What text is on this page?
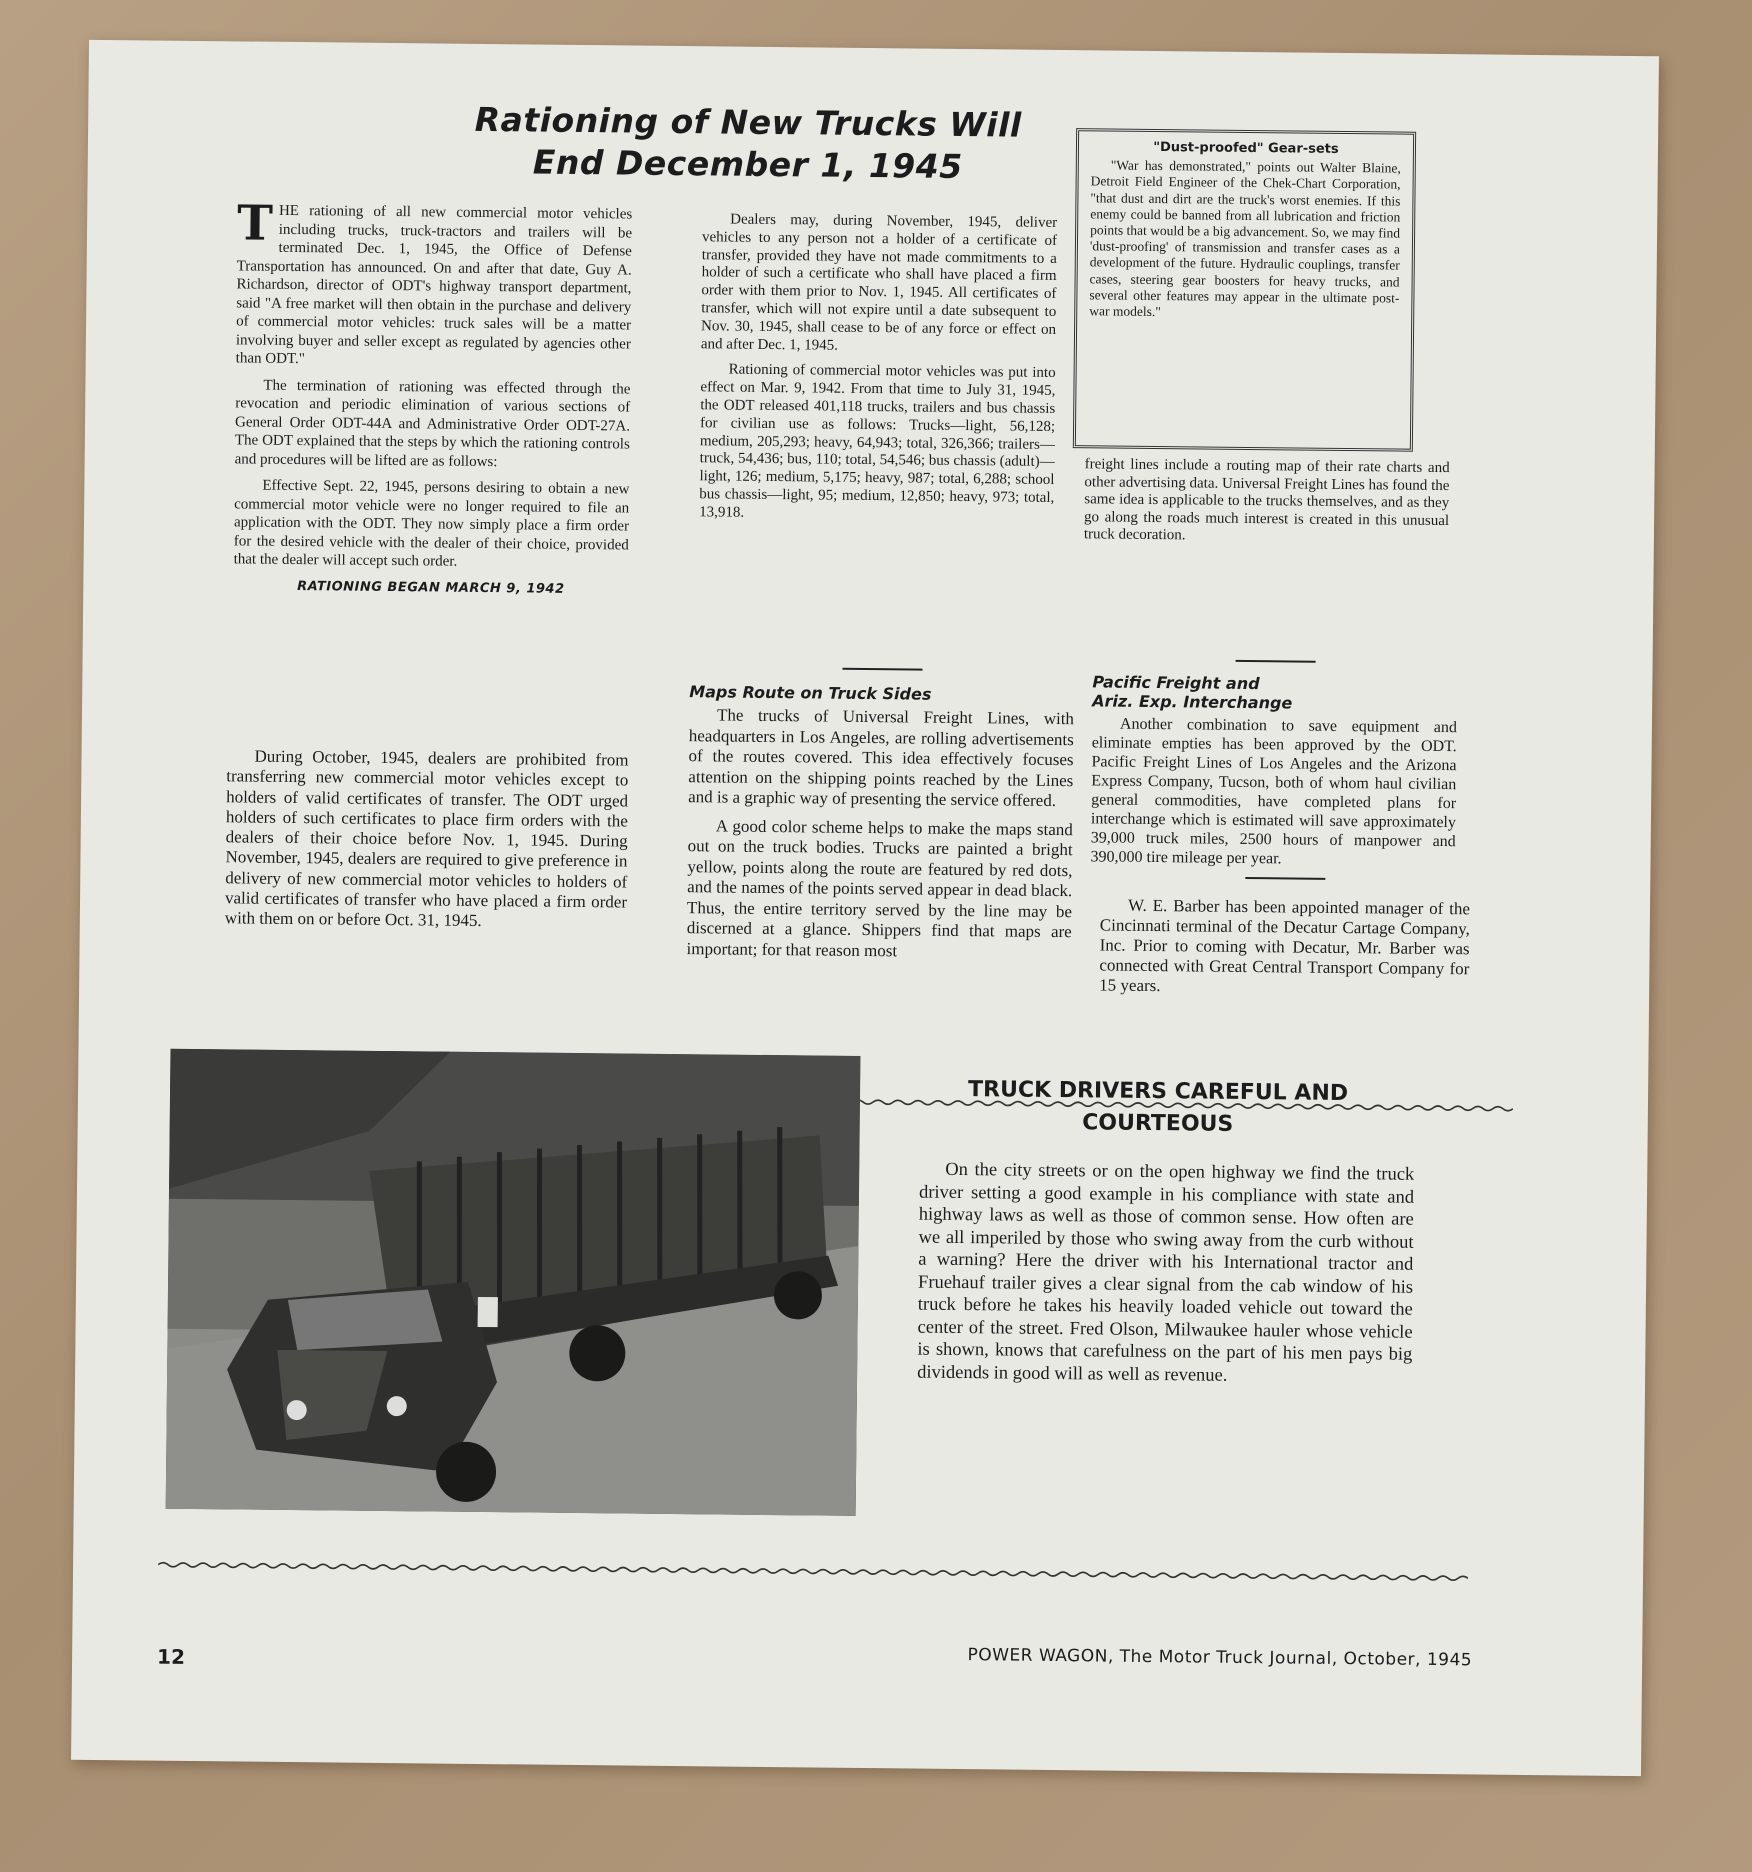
Rationing of New Trucks Will
End December 1, 1945

THE rationing of all new commercial motor vehicles including trucks, truck-tractors and trailers will be terminated Dec. 1, 1945, the Office of Defense Transportation has announced. On and after that date, Guy A. Richardson, director of ODT's highway transport department, said "A free market will then obtain in the purchase and delivery of commercial motor vehicles: truck sales will be a matter involving buyer and seller except as regulated by agencies other than ODT."

The termination of rationing was effected through the revocation and periodic elimination of various sections of General Order ODT-44A and Administrative Order ODT-27A. The ODT explained that the steps by which the rationing controls and procedures will be lifted are as follows:

Effective Sept. 22, 1945, persons desiring to obtain a new commercial motor vehicle were no longer required to file an application with the ODT. They now simply place a firm order for the desired vehicle with the dealer of their choice, provided that the dealer will accept such order.

RATIONING BEGAN MARCH 9, 1942

During October, 1945, dealers are prohibited from transferring new commercial motor vehicles except to holders of valid certificates of transfer. The ODT urged holders of such certificates to place firm orders with the dealers of their choice before Nov. 1, 1945. During November, 1945, dealers are required to give preference in delivery of new commercial motor vehicles to holders of valid certificates of transfer who have placed a firm order with them on or before Oct. 31, 1945.

Dealers may, during November, 1945, deliver vehicles to any person not a holder of a certificate of transfer, provided they have not made commitments to a holder of such a certificate who shall have placed a firm order with them prior to Nov. 1, 1945. All certificates of transfer, which will not expire until a date subsequent to Nov. 30, 1945, shall cease to be of any force or effect on and after Dec. 1, 1945.

Rationing of commercial motor vehicles was put into effect on Mar. 9, 1942. From that time to July 31, 1945, the ODT released 401,118 trucks, trailers and bus chassis for civilian use as follows: Trucks—light, 56,128; medium, 205,293; heavy, 64,943; total, 326,366; trailers—truck, 54,436; bus, 110; total, 54,546; bus chassis (adult)—light, 126; medium, 5,175; heavy, 987; total, 6,288; school bus chassis—light, 95; medium, 12,850; heavy, 973; total, 13,918.

Maps Route on Truck Sides

The trucks of Universal Freight Lines, with headquarters in Los Angeles, are rolling advertisements of the routes covered. This idea effectively focuses attention on the shipping points reached by the Lines and is a graphic way of presenting the service offered.

A good color scheme helps to make the maps stand out on the truck bodies. Trucks are painted a bright yellow, points along the route are featured by red dots, and the names of the points served appear in dead black. Thus, the entire territory served by the line may be discerned at a glance. Shippers find that maps are important; for that reason most

"Dust-proofed" Gear-sets

"War has demonstrated," points out Walter Blaine, Detroit Field Engineer of the Chek-Chart Corporation, "that dust and dirt are the truck's worst enemies. If this enemy could be banned from all lubrication and friction points that would be a big advancement. So, we may find 'dust-proofing' of transmission and transfer cases as a development of the future. Hydraulic couplings, transfer cases, steering gear boosters for heavy trucks, and several other features may appear in the ultimate post-war models."

freight lines include a routing map of their rate charts and other advertising data. Universal Freight Lines has found the same idea is applicable to the trucks themselves, and as they go along the roads much interest is created in this unusual truck decoration.

Pacific Freight and
Ariz. Exp. Interchange

Another combination to save equipment and eliminate empties has been approved by the ODT. Pacific Freight Lines of Los Angeles and the Arizona Express Company, Tucson, both of whom haul civilian general commodities, have completed plans for interchange which is estimated will save approximately 39,000 truck miles, 2500 hours of manpower and 390,000 tire mileage per year.

W. E. Barber has been appointed manager of the Cincinnati terminal of the Decatur Cartage Company, Inc. Prior to coming with Decatur, Mr. Barber was connected with Great Central Transport Company for 15 years.

TRUCK DRIVERS CAREFUL AND
COURTEOUS

On the city streets or on the open highway we find the truck driver setting a good example in his compliance with state and highway laws as well as those of common sense. How often are we all imperiled by those who swing away from the curb without a warning? Here the driver with his International tractor and Fruehauf trailer gives a clear signal from the cab window of his truck before he takes his heavily loaded vehicle out toward the center of the street. Fred Olson, Milwaukee hauler whose vehicle is shown, knows that carefulness on the part of his men pays big dividends in good will as well as revenue.

12	POWER WAGON, The Motor Truck Journal, October, 1945
